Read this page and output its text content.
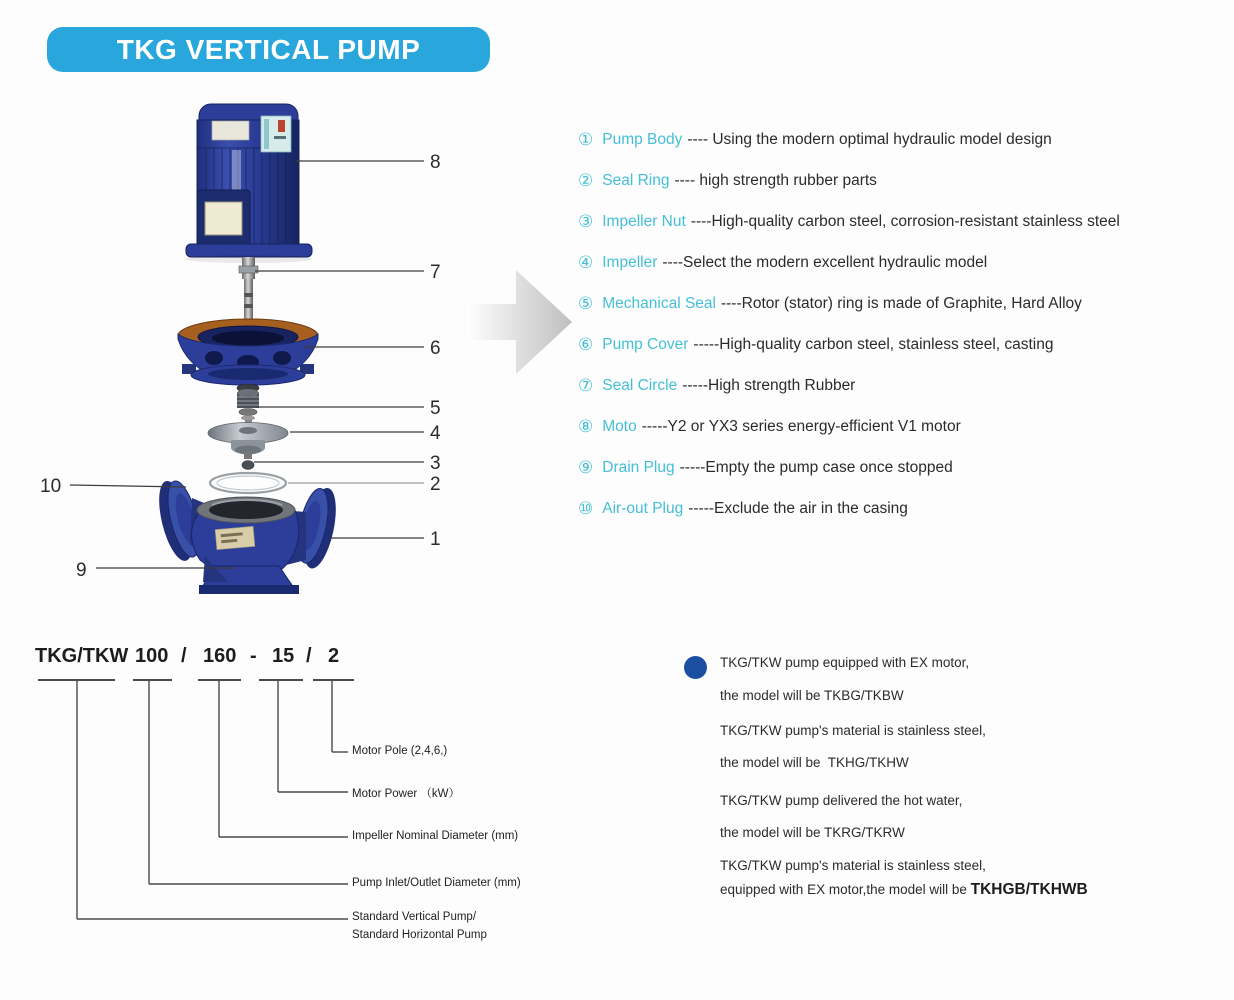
TKG VERTICAL PUMP
8
7
6
5
4
3
2
1
10
9
① Pump Body ---- Using the modern optimal hydraulic model design
② Seal Ring ---- high strength rubber parts
③ Impeller Nut ----High-quality carbon steel, corrosion-resistant stainless steel
④ Impeller ----Select the modern excellent hydraulic model
⑤ Mechanical Seal ----Rotor (stator) ring is made of Graphite, Hard Alloy
⑥ Pump Cover -----High-quality carbon steel, stainless steel, casting
⑦ Seal Circle -----High strength Rubber
⑧ Moto -----Y2 or YX3 series energy-efficient V1 motor
⑨ Drain Plug -----Empty the pump case once stopped
⑩ Air-out Plug -----Exclude the air in the casing
TKG/TKW 100 / 160 - 15 / 2
Motor Pole (2,4,6,)
Motor Power （kW）
Impeller Nominal Diameter (mm)
Pump Inlet/Outlet Diameter (mm)
Standard Vertical Pump/
Standard Horizontal Pump
TKG/TKW pump equipped with EX motor,
the model will be TKBG/TKBW
TKG/TKW pump's material is stainless steel,
the model will be  TKHG/TKHW
TKG/TKW pump delivered the hot water,
the model will be TKRG/TKRW
TKG/TKW pump's material is stainless steel,
equipped with EX motor,the model will be TKHGB/TKHWB
